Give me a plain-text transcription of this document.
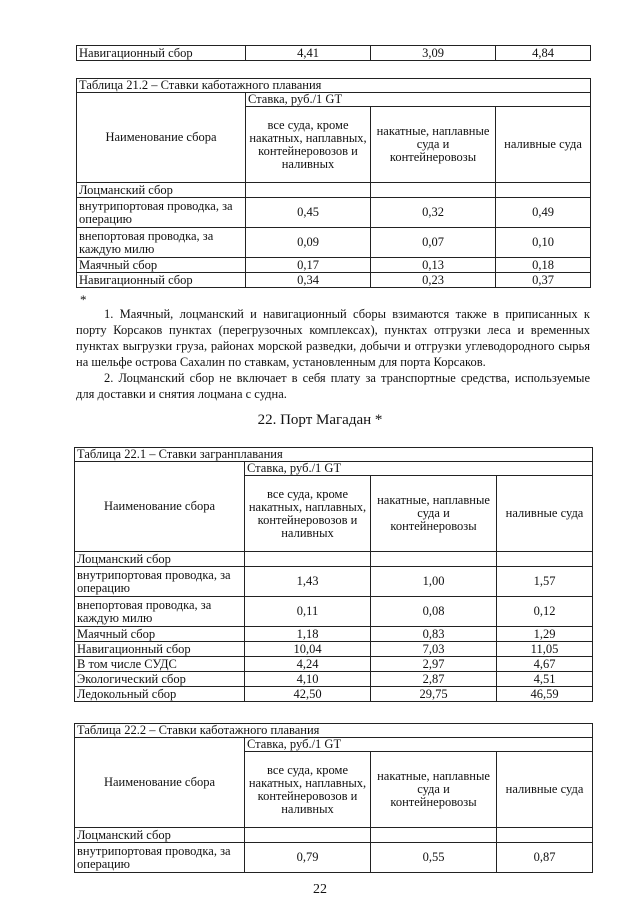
Навигационный сбор	4,41	3,09	4,84
Таблица 21.2 – Ставки каботажного плавания			
Наименование сбора	Ставка, руб./1 GT		
	все суда, кроме накатных, наплавных, контейнеровозов и наливных	накатные, наплавные суда и контейнеровозы	наливные суда
Лоцманский сбор			
внутрипортовая проводка, за операцию	0,45	0,32	0,49
внепортовая проводка, за каждую милю	0,09	0,07	0,10
Маячный сбор	0,17	0,13	0,18
Навигационный сбор	0,34	0,23	0,37
*
1. Маячный, лоцманский и навигационный сборы взимаются также в приписанных к порту Корсаков пунктах (перегрузочных комплексах), пунктах отгрузки леса и временных пунктах выгрузки груза, районах морской разведки, добычи и отгрузки углеводородного сырья на шельфе острова Сахалин по ставкам, установленным для порта Корсаков.
2. Лоцманский сбор не включает в себя плату за транспортные средства, используемые для доставки и снятия лоцмана с судна.
22. Порт Магадан *
Таблица 22.1 – Ставки загранплавания			
Наименование сбора	Ставка, руб./1 GT		
	все суда, кроме накатных, наплавных, контейнеровозов и наливных	накатные, наплавные суда и контейнеровозы	наливные суда
Лоцманский сбор			
внутрипортовая проводка, за операцию	1,43	1,00	1,57
внепортовая проводка, за каждую милю	0,11	0,08	0,12
Маячный сбор	1,18	0,83	1,29
Навигационный сбор	10,04	7,03	11,05
В том числе СУДС	4,24	2,97	4,67
Экологический сбор	4,10	2,87	4,51
Ледокольный сбор	42,50	29,75	46,59
Таблица 22.2 – Ставки каботажного плавания			
Наименование сбора	Ставка, руб./1 GT		
	все суда, кроме накатных, наплавных, контейнеровозов и наливных	накатные, наплавные суда и контейнеровозы	наливные суда
Лоцманский сбор			
внутрипортовая проводка, за операцию	0,79	0,55	0,87
22
